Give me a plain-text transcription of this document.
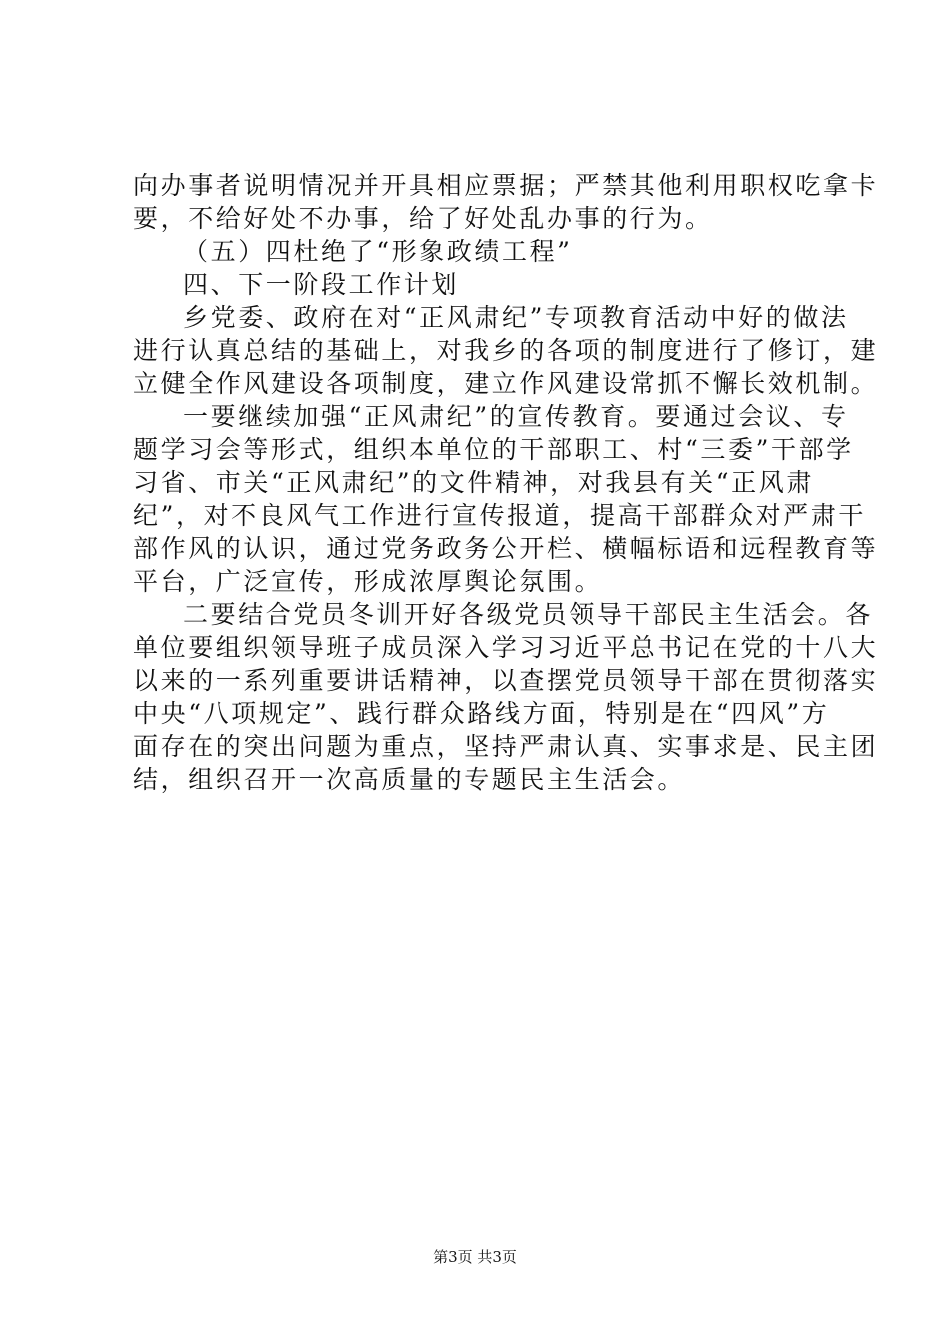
向办事者说明情况并开具相应票据；严禁其他利用职权吃拿卡
要，不给好处不办事，给了好处乱办事的行为。
（五）四杜绝了“形象政绩工程”
四、下一阶段工作计划
乡党委、政府在对“正风肃纪”专项教育活动中好的做法
进行认真总结的基础上，对我乡的各项的制度进行了修订，建
立健全作风建设各项制度，建立作风建设常抓不懈长效机制。
一要继续加强“正风肃纪”的宣传教育。要通过会议、专
题学习会等形式，组织本单位的干部职工、村“三委”干部学
习省、市关“正风肃纪”的文件精神，对我县有关“正风肃
纪”，对不良风气工作进行宣传报道，提高干部群众对严肃干
部作风的认识，通过党务政务公开栏、横幅标语和远程教育等
平台，广泛宣传，形成浓厚舆论氛围。
二要结合党员冬训开好各级党员领导干部民主生活会。各
单位要组织领导班子成员深入学习习近平总书记在党的十八大
以来的一系列重要讲话精神，以查摆党员领导干部在贯彻落实
中央“八项规定”、践行群众路线方面，特别是在“四风”方
面存在的突出问题为重点，坚持严肃认真、实事求是、民主团
结，组织召开一次高质量的专题民主生活会。
第3页 共3页
